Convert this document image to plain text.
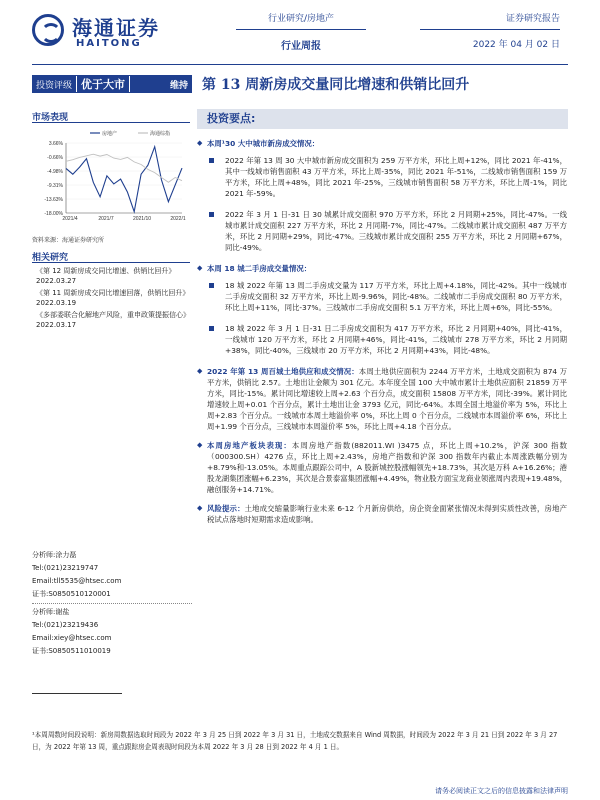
海通证券
HAITONG
行业研究/房地产
行业周报
证券研究报告
2022 年 04 月 02 日
投资评级 优于大市	维持 第 13 周新房成交量同比增速和供销比回升
市场表现
3.66%
-0.66%
-4.98%
-9.31%
-13.63%
-18.00%
2021/4	2021/7	2021/10	2022/1
房地产	海通综指
资料来源：海通证券研究所
相关研究
《第 12 周新房成交同比增速、供销比回升》 2022.03.27
《第 11 周新房成交同比增速回落，供销比回升》 2022.03.19
《多部委联合化解地产风险，重申政策提振信心》 2022.03.17
分析师:涂力磊
Tel:(021)23219747
Email:tll5535@htsec.com
证书:S0850510120001
分析师:谢盐
Tel:(021)23219436
Email:xiey@htsec.com
证书:S0850511010019
投资要点:
◆ 本周¹30 大中城市新房成交情况：
2022 年第 13 周 30 大中城市新房成交面积为 259 万平方米，环比上周+12%，同比 2021 年-41%，其中一线城市销售面积 43 万平方米，环比上周-35%，同比 2021 年-51%，二线城市销售面积 159 万平方米，环比上周+48%，同比 2021 年-25%，三线城市销售面积 58 万平方米，环比上周-1%，同比 2021 年-59%。
2022 年 3 月 1 日-31 日 30 城累计成交面积 970 万平方米，环比 2 月同期+25%，同比-47%。一线城市累计成交面积 227 万平方米，环比 2 月同期-7%，同比-47%。二线城市累计成交面积 487 万平方米，环比 2 月同期+29%，同比-47%。三线城市累计成交面积 255 万平方米，环比 2 月同期+67%，同比-49%。
◆ 本周 18 城二手房成交量情况：
18 城 2022 年第 13 周二手房成交量为 117 万平方米，环比上周+4.18%，同比-42%。其中一线城市二手房成交面积 32 万平方米，环比上周-9.96%，同比-48%。二线城市二手房成交面积 80 万平方米，环比上周+11%，同比-37%。三线城市二手房成交面积 5.1 万平方米，环比上周+6%，同比-55%。
18 城 2022 年 3 月 1 日-31 日二手房成交面积为 417 万平方米，环比 2 月同期+40%，同比-41%，一线城市 120 万平方米，环比 2 月同期+46%，同比-41%，二线城市 278 万平方米，环比 2 月同期+38%，同比-40%，三线城市 20 万平方米，环比 2 月同期+43%，同比-48%。
◆ 2022 年第 13 周百城土地供应和成交情况：本周土地供应面积为 2244 万平方米，土地成交面积为 874 万平方米，供销比 2.57。土地出让金额为 301 亿元。本年度全国 100 大中城市累计土地供应面积 21859 万平方米，同比-15%。累计同比增速较上周+2.63 个百分点，成交面积 15808 万平方米，同比-39%。累计同比增速较上周+0.01 个百分点，累计土地出让金 3793 亿元，同比-64%。本周全国土地溢价率为 5%，环比上周+2.83 个百分点。一线城市本周土地溢价率 0%，环比上周 0 个百分点，二线城市本周溢价率 6%，环比上周+1.99 个百分点，三线城市本周溢价率 5%，环比上周+4.18 个百分点。
◆ 本周房地产板块表现：本周房地产指数(882011.WI )3475 点，环比上周+10.2%，沪深 300 指数（000300.SH）4276 点，环比上周+2.43%，房地产指数和沪深 300 指数年内截止本周涨跌幅分别为+8.79%和-13.05%。本周重点跟踪公司中，A 股新城控股涨幅领先+18.73%，其次是万科 A+16.26%；港股龙湖集团涨幅+6.23%，其次是合景泰富集团涨幅+4.49%，物业股方面宝龙商业领涨周内表现+19.48%，融创服务+14.71%。
◆ 风险提示：土地成交缩量影响行业未来 6-12 个月新房供给，房企资金面紧张情况未得到实质性改善，房地产税试点落地时短期需求造成影响。
¹本周周数时间段说明：新房周数据选取时间段为 2022 年 3 月 25 日到 2022 年 3 月 31 日，土地成交数据来自 Wind 周数据，时间段为 2022 年 3 月 21 日到 2022 年 3 月 27 日，为 2022 年第 13 周，重点跟踪房企周表现时间段为本周 2022 年 3 月 28 日到 2022 年 4 月 1 日。
请务必阅读正文之后的信息披露和法律声明
